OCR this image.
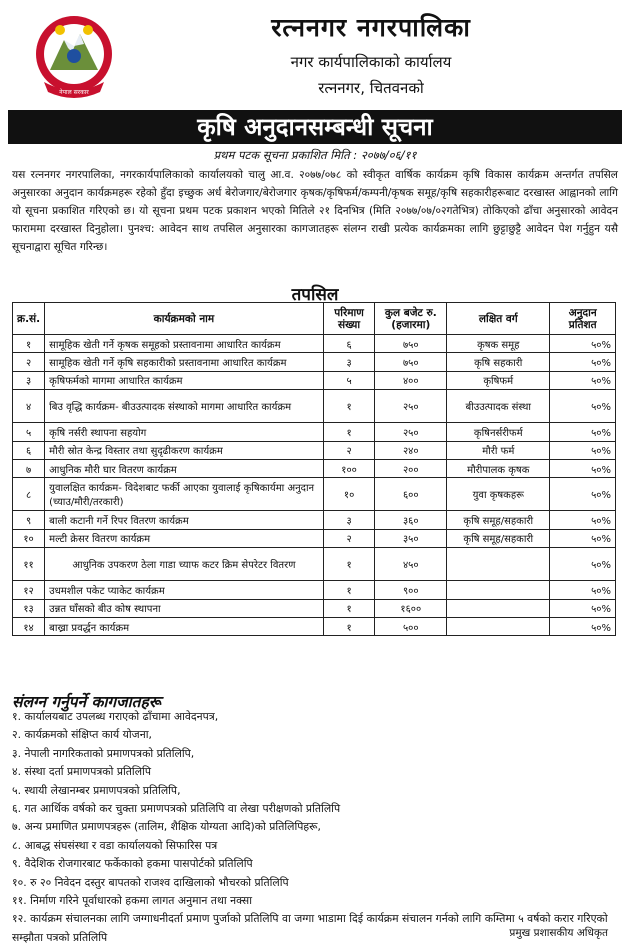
नेपाल सरकार
रत्ननगर नगरपालिका
नगर कार्यपालिकाको कार्यालय
रत्ननगर, चितवनको
कृषि अनुदानसम्बन्धी सूचना
प्रथम पटक सूचना प्रकाशित मिति : २०७७/०६/११

यस रत्ननगर नगरपालिका, नगरकार्यपालिकाको कार्यालयको चालु आ.व. २०७७/०७८ को स्वीकृत वार्षिक कार्यक्रम कृषि विकास कार्यक्रम अन्तर्गत तपसिल अनुसारका अनुदान कार्यक्रमहरू रहेको हुँदा इच्छुक अर्ध बेरोजगार/बेरोजगार कृषक/कृषिफर्म/कम्पनी/कृषक समूह/कृषि सहकारीहरूबाट दरखास्त आह्वानको लागि यो सूचना प्रकाशित गरिएको छ। यो सूचना प्रथम पटक प्रकाशन भएको मितिले २१ दिनभित्र (मिति २०७७/०७/०२गतेभित्र) तोकिएको ढाँचा अनुसारको आवेदन फाराममा दरखास्त दिनुहोला। पुनश्च: आवेदन साथ तपसिल अनुसारका कागजातहरू संलग्न राखी प्रत्येक कार्यक्रमका लागि छुट्टाछुट्टै आवेदन पेश गर्नुहुन यसै सूचनाद्वारा सूचित गरिन्छ।

तपसिल
क्र.सं.	कार्यक्रमको नाम	परिमाण संख्या	कुल बजेट रु. (हजारमा)	लक्षित वर्ग	अनुदान प्रतिशत
१	सामूहिक खेती गर्ने कृषक समूहको प्रस्तावनामा आधारित कार्यक्रम	६	७५०	कृषक समूह	५०%
२	सामूहिक खेती गर्ने कृषि सहकारीको प्रस्तावनामा आधारित कार्यक्रम	३	७५०	कृषि सहकारी	५०%
३	कृषिफर्मको मागमा आधारित कार्यक्रम	५	४००	कृषिफर्म	५०%
४	बिउ वृद्धि कार्यक्रम- बीउउत्पादक संस्थाको मागमा आधारित कार्यक्रम	१	२५०	बीउउत्पादक संस्था	५०%
५	कृषि नर्सरी स्थापना सहयोग	१	२५०	कृषिनर्सरीफर्म	५०%
६	मौरी स्रोत केन्द्र विस्तार तथा सुदृढीकरण कार्यक्रम	२	२४०	मौरी फर्म	५०%
७	आधुनिक मौरी घार वितरण कार्यक्रम	१००	२००	मौरीपालक कृषक	५०%
८	युवालक्षित कार्यक्रम- विदेशबाट फर्की आएका युवालाई कृषिकार्यमा अनुदान (च्याउ/मौरी/तरकारी)	१०	६००	युवा कृषकहरू	५०%
९	बाली कटानी गर्ने रिपर वितरण कार्यक्रम	३	३६०	कृषि समूह/सहकारी	५०%
१०	मल्टी क्रेसर वितरण कार्यक्रम	२	३५०	कृषि समूह/सहकारी	५०%
११	आधुनिक उपकरण ठेला गाडा च्याफ कटर क्रिम सेपरेटर वितरण	१	४५०		५०%
१२	उधमशील पकेट प्याकेट कार्यक्रम	१	९००		५०%
१३	उन्नत घाँसको बीउ कोष स्थापना	१	१६००		५०%
१४	बाख्रा प्रवर्द्धन कार्यक्रम	१	५००		५०%
संलग्न गर्नुपर्ने कागजातहरू
१. कार्यालयबाट उपलब्ध गराएको ढाँचामा आवेदनपत्र,
२. कार्यक्रमको संक्षिप्त कार्य योजना,
३. नेपाली नागरिकताको प्रमाणपत्रको प्रतिलिपि,
४. संस्था दर्ता प्रमाणपत्रको प्रतिलिपि
५. स्थायी लेखानम्बर प्रमाणपत्रको प्रतिलिपि,
६. गत आर्थिक वर्षको कर चुक्ता प्रमाणपत्रको प्रतिलिपि वा लेखा परीक्षणको प्रतिलिपि
७. अन्य प्रमाणित प्रमाणपत्रहरू (तालिम, शैक्षिक योग्यता आदि)को प्रतिलिपिहरू,
८. आबद्ध संघसंस्था र वडा कार्यालयको सिफारिस पत्र
९. वैदेशिक रोजगारबाट फर्केकाको हकमा पासपोर्टको प्रतिलिपि
१०. रु २० निवेदन दस्तुर बापतको राजश्व दाखिलाको भौचरको प्रतिलिपि
११. निर्माण गरिने पूर्वाधारको हकमा लागत अनुमान तथा नक्सा
१२. कार्यक्रम संचालनका लागि जग्गाधनीदर्ता प्रमाण पुर्जाको प्रतिलिपि वा जग्गा भाडामा दिई कार्यक्रम संचालन गर्नको लागि कम्तिमा ५ वर्षको करार गरिएको सम्झौता पत्रको प्रतिलिपि	प्रमुख प्रशासकीय अधिकृत
